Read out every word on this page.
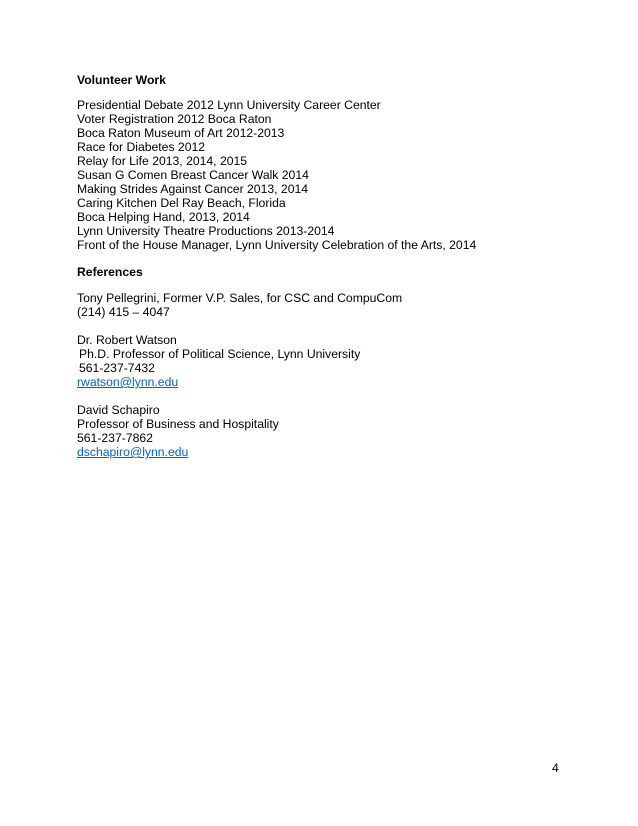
Volunteer Work
Presidential Debate 2012 Lynn University Career Center
Voter Registration 2012 Boca Raton
Boca Raton Museum of Art 2012-2013
Race for Diabetes 2012
Relay for Life 2013, 2014, 2015
Susan G Comen Breast Cancer Walk 2014
Making Strides Against Cancer 2013, 2014
Caring Kitchen Del Ray Beach, Florida
Boca Helping Hand, 2013, 2014
Lynn University Theatre Productions 2013-2014
Front of the House Manager, Lynn University Celebration of the Arts, 2014
References
Tony Pellegrini, Former V.P. Sales, for CSC and CompuCom
(214) 415 – 4047
Dr. Robert Watson
Ph.D. Professor of Political Science, Lynn University
561-237-7432
rwatson@lynn.edu
David Schapiro
Professor of Business and Hospitality
561-237-7862
dschapiro@lynn.edu
4
